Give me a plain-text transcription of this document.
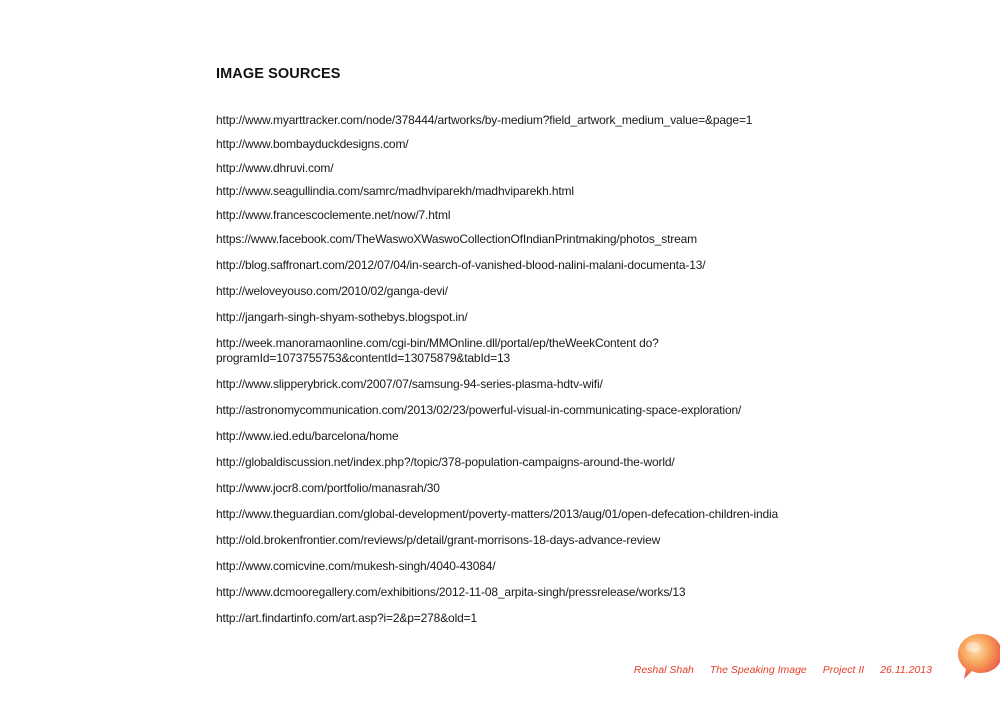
IMAGE SOURCES
http://www.myarttracker.com/node/378444/artworks/by-medium?field_artwork_medium_value=&page=1
http://www.bombayduckdesigns.com/
http://www.dhruvi.com/
http://www.seagullindia.com/samrc/madhviparekh/madhviparekh.html
http://www.francescoclemente.net/now/7.html
https://www.facebook.com/TheWaswoXWaswoCollectionOfIndianPrintmaking/photos_stream
http://blog.saffronart.com/2012/07/04/in-search-of-vanished-blood-nalini-malani-documenta-13/
http://weloveyouso.com/2010/02/ganga-devi/
http://jangarh-singh-shyam-sothebys.blogspot.in/
http://week.manoramaonline.com/cgi-bin/MMOnline.dll/portal/ep/theWeekContent do?programId=1073755753&contentId=13075879&tabId=13
http://www.slipperybrick.com/2007/07/samsung-94-series-plasma-hdtv-wifi/
http://astronomycommunication.com/2013/02/23/powerful-visual-in-communicating-space-exploration/
http://www.ied.edu/barcelona/home
http://globaldiscussion.net/index.php?/topic/378-population-campaigns-around-the-world/
http://www.jocr8.com/portfolio/manasrah/30
http://www.theguardian.com/global-development/poverty-matters/2013/aug/01/open-defecation-children-india
http://old.brokenfrontier.com/reviews/p/detail/grant-morrisons-18-days-advance-review
http://www.comicvine.com/mukesh-singh/4040-43084/
http://www.dcmooregallery.com/exhibitions/2012-11-08_arpita-singh/pressrelease/works/13
http://art.findartinfo.com/art.asp?i=2&p=278&old=1
Reshal Shah The Speaking Image Project II 26.11.2013
